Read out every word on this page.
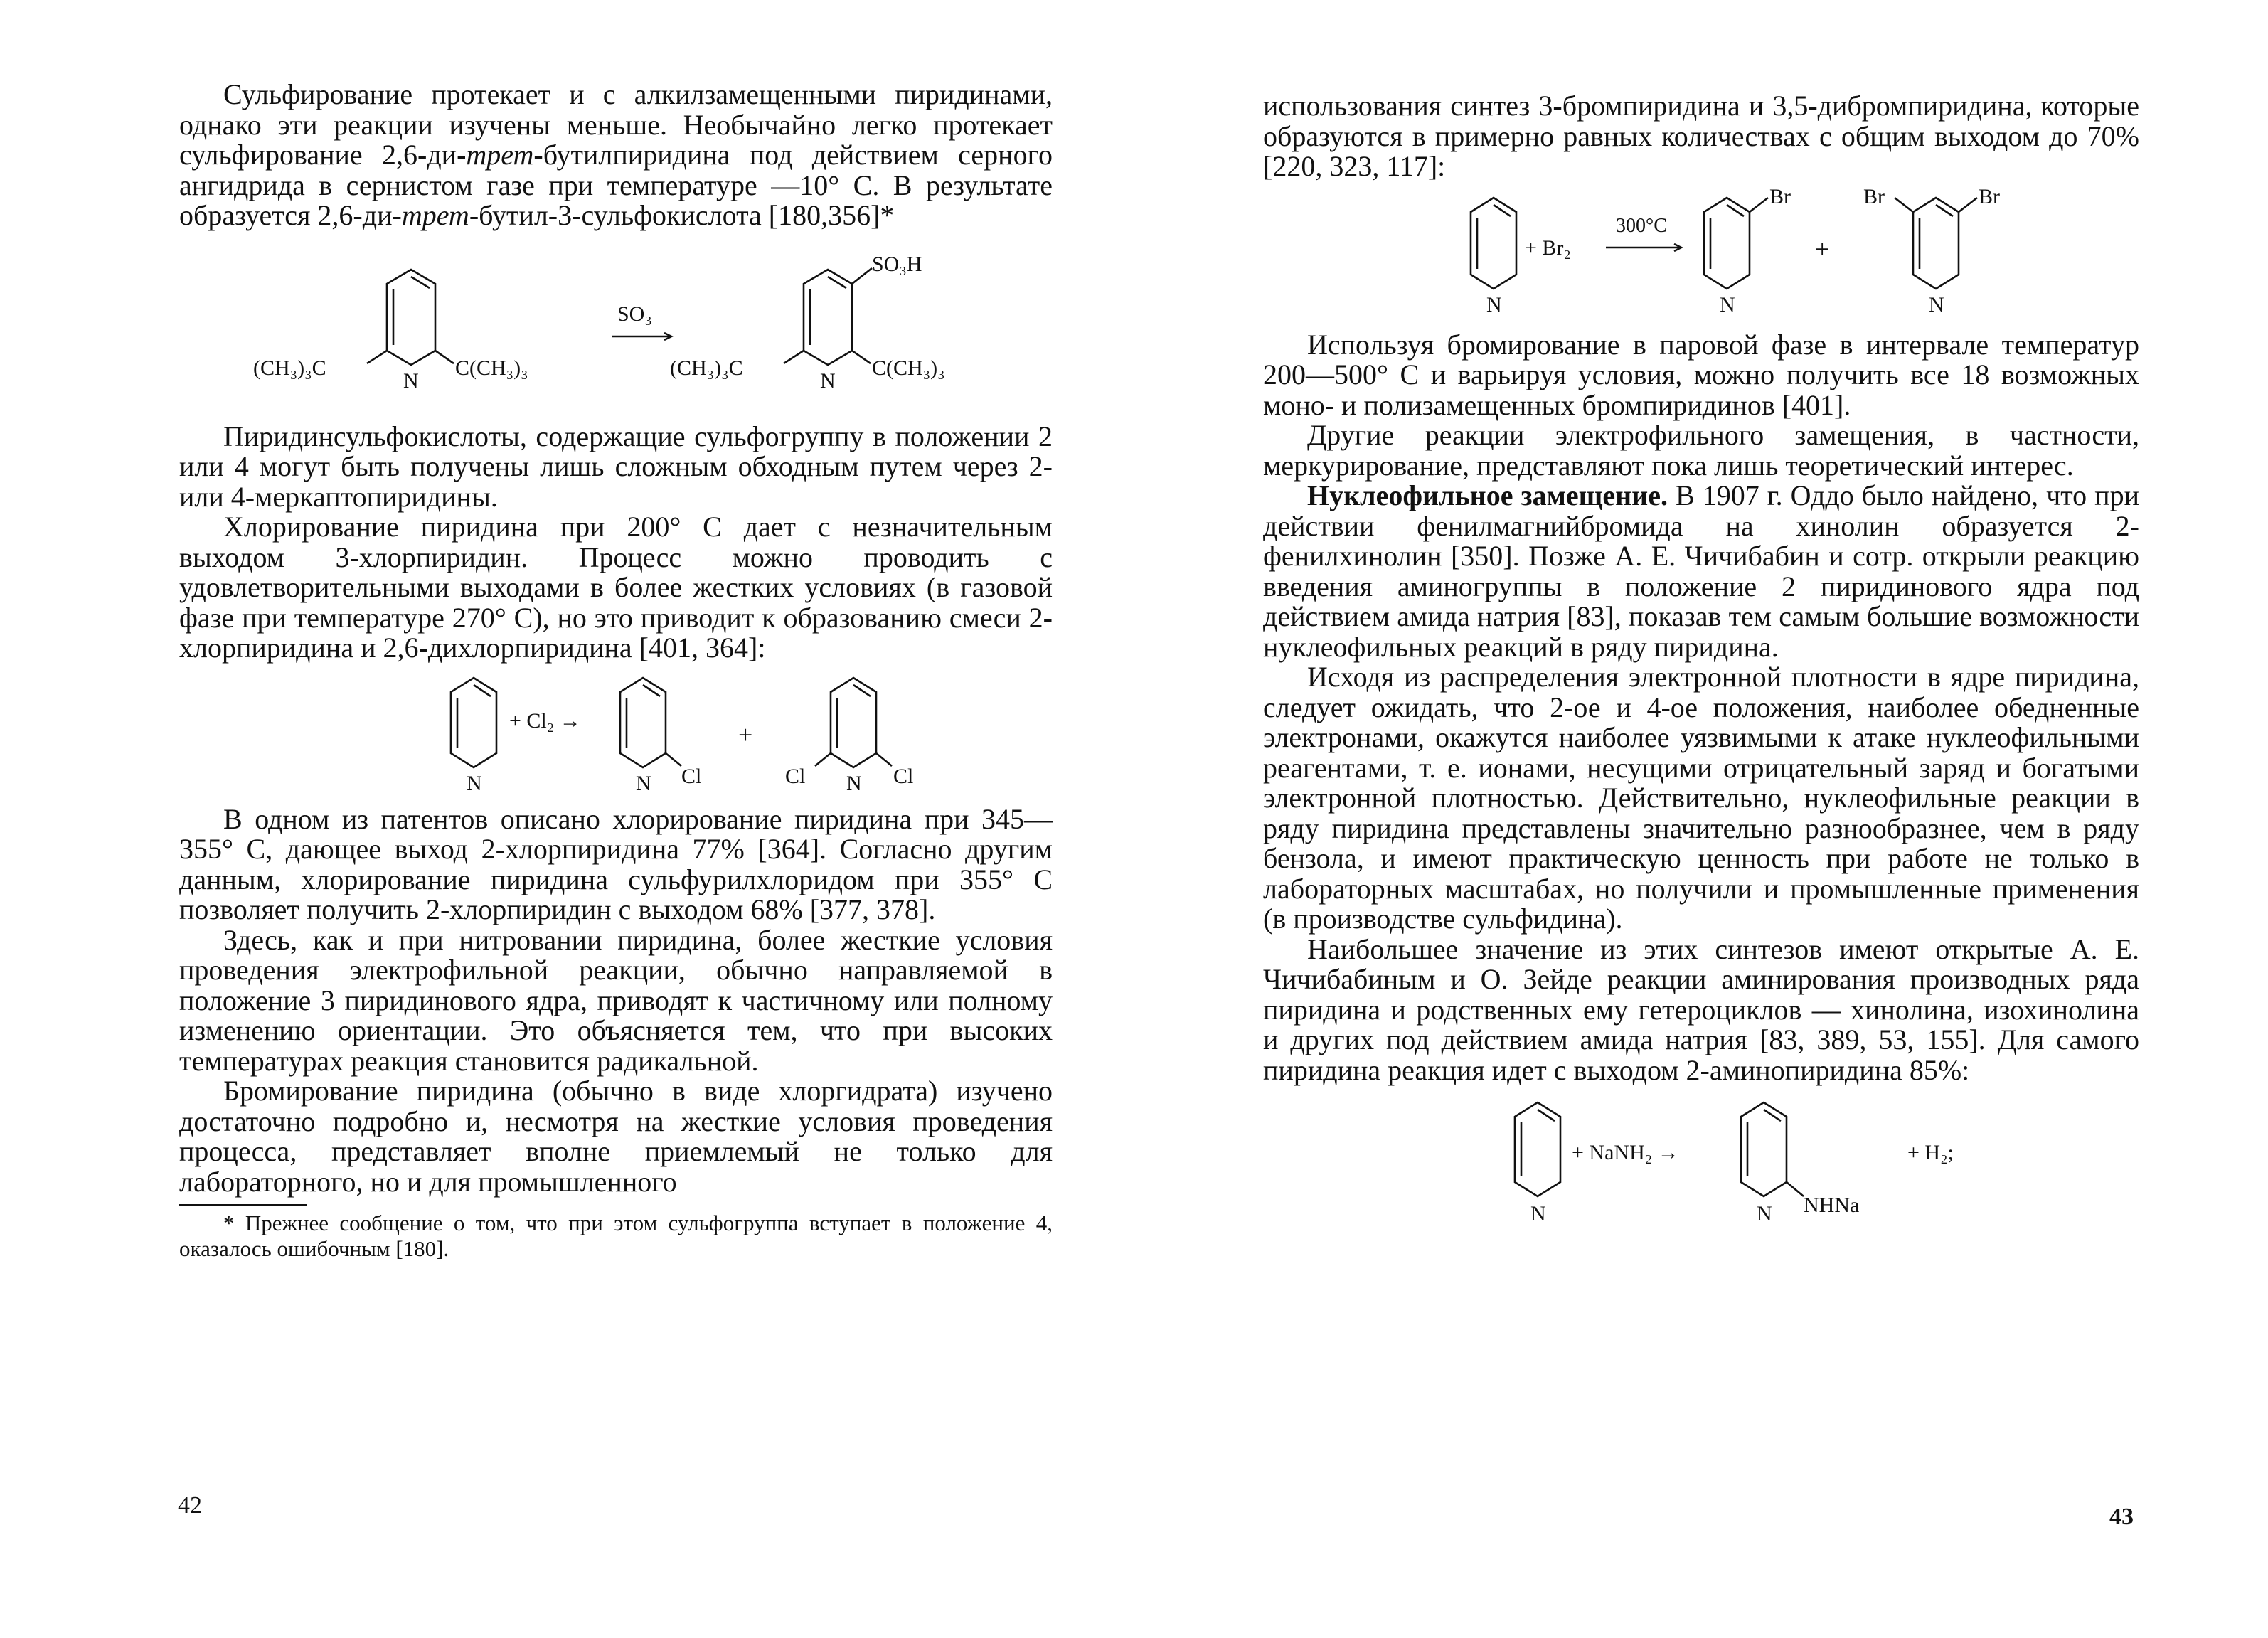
Сульфирование протекает и с алкилзамещенными пиридинами, однако эти реакции изучены меньше. Необычайно легко протекает сульфирование 2,6-ди-трет-бутилпиридина под действием серного ангидрида в сернистом газе при температуре —10° C. В результате образуется 2,6-ди-трет-бутил-3-сульфокислота [180,356]*

(CH₃)₃C
N
C(CH₃)₃
SO₃
SO₃H
(CH₃)₃C
N
C(CH₃)₃

Пиридинсульфокислоты, содержащие сульфогруппу в положении 2 или 4 могут быть получены лишь сложным обходным путем через 2- или 4-меркаптопиридины.

Хлорирование пиридина при 200° C дает с незначительным выходом 3-хлорпиридин. Процесс можно проводить с удовлетворительными выходами в более жестких условиях (в газовой фазе при температуре 270° C), но это приводит к образованию смеси 2-хлорпиридина и 2,6-дихлорпиридина [401, 364]:

N
+ Cl₂ →
N Cl
+
Cl N Cl

В одном из патентов описано хлорирование пиридина при 345—355° C, дающее выход 2-хлорпиридина 77% [364]. Согласно другим данным, хлорирование пиридина сульфурилхлоридом при 355° C позволяет получить 2-хлорпиридин с выходом 68% [377, 378].

Здесь, как и при нитровании пиридина, более жесткие условия проведения электрофильной реакции, обычно направляемой в положение 3 пиридинового ядра, приводят к частичному или полному изменению ориентации. Это объясняется тем, что при высоких температурах реакция становится радикальной.

Бромирование пиридина (обычно в виде хлоргидрата) изучено достаточно подробно и, несмотря на жесткие условия проведения процесса, представляет вполне приемлемый не только для лабораторного, но и для промышленного

* Прежнее сообщение о том, что при этом сульфогруппа вступает в положение 4, оказалось ошибочным [180].

42

использования синтез 3-бромпиридина и 3,5-дибромпиридина, которые образуются в примерно равных количествах с общим выходом до 70% [220, 323, 117]:

N
+ Br₂
300°C
Br
N
+
Br	Br
N

Используя бромирование в паровой фазе в интервале температур 200—500° C и варьируя условия, можно получить все 18 возможных моно- и полизамещенных бромпиридинов [401].

Другие реакции электрофильного замещения, в частности, меркурирование, представляют пока лишь теоретический интерес.

Нуклеофильное замещение. В 1907 г. Оддо было найдено, что при действии фенилмагнийбромида на хинолин образуется 2-фенилхинолин [350]. Позже А. Е. Чичибабин и сотр. открыли реакцию введения аминогруппы в положение 2 пиридинового ядра под действием амида натрия [83], показав тем самым большие возможности нуклеофильных реакций в ряду пиридина.

Исходя из распределения электронной плотности в ядре пиридина, следует ожидать, что 2-ое и 4-ое положения, наиболее обедненные электронами, окажутся наиболее уязвимыми к атаке нуклеофильными реагентами, т. е. ионами, несущими отрицательный заряд и богатыми электронной плотностью. Действительно, нуклеофильные реакции в ряду пиридина представлены значительно разнообразнее, чем в ряду бензола, и имеют практическую ценность при работе не только в лабораторных масштабах, но получили и промышленные применения (в производстве сульфидина).

Наибольшее значение из этих синтезов имеют открытые А. Е. Чичибабиным и О. Зейде реакции аминирования производных ряда пиридина и родственных ему гетероциклов — хинолина, изохинолина и других под действием амида натрия [83, 389, 53, 155]. Для самого пиридина реакция идет с выходом 2-аминопиридина 85%:

N
+ NaNH₂ →
N NHNa
+ H₂;
43
